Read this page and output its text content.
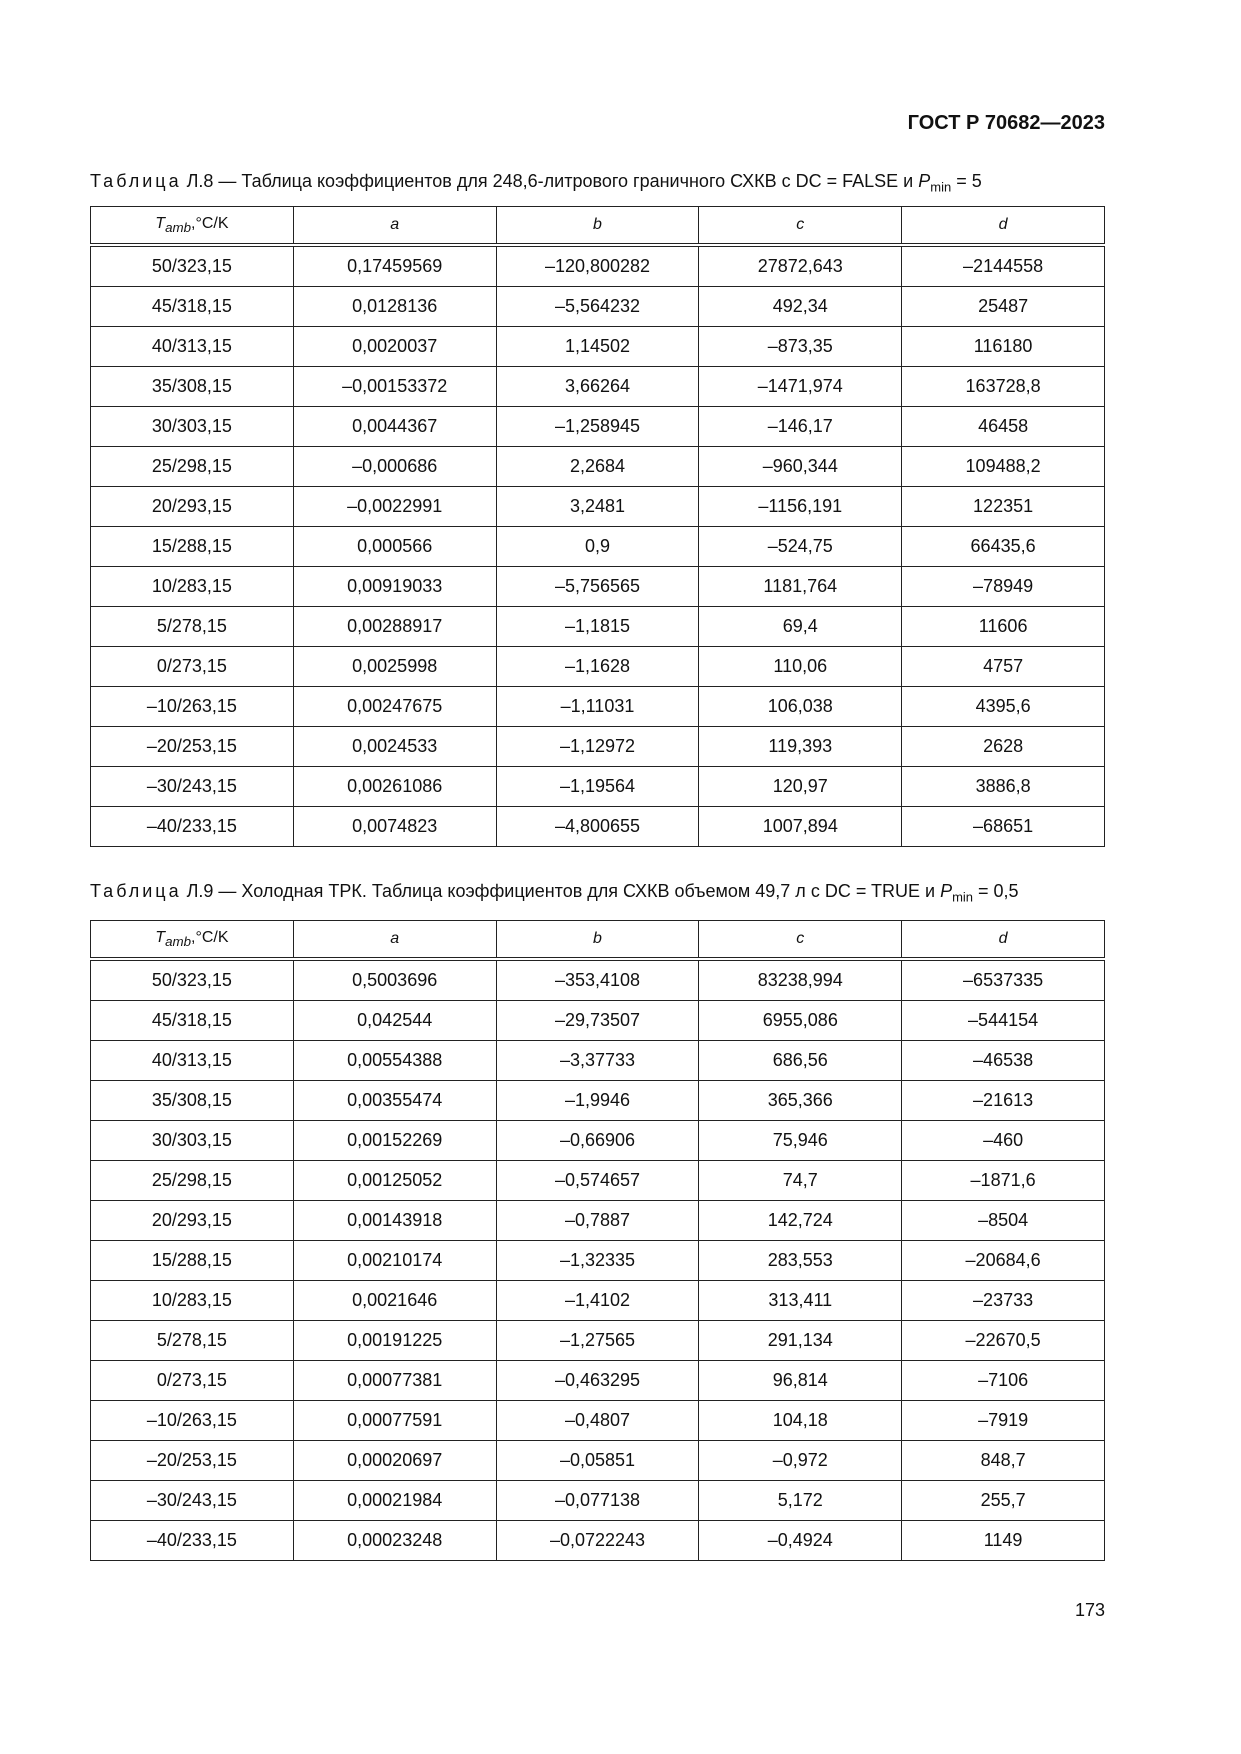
ГОСТ Р 70682—2023
Таблица Л.8 — Таблица коэффициентов для 248,6-литрового граничного СХКВ с DC = FALSE и $P_{min} = 5$
$T_{amb},^\circ C/K$	a	b	c	d
50/323,15	0,17459569	–120,800282	27872,643	–2144558
45/318,15	0,0128136	–5,564232	492,34	25487
40/313,15	0,0020037	1,14502	–873,35	116180
35/308,15	–0,00153372	3,66264	–1471,974	163728,8
30/303,15	0,0044367	–1,258945	–146,17	46458
25/298,15	–0,000686	2,2684	–960,344	109488,2
20/293,15	–0,0022991	3,2481	–1156,191	122351
15/288,15	0,000566	0,9	–524,75	66435,6
10/283,15	0,00919033	–5,756565	1181,764	–78949
5/278,15	0,00288917	–1,1815	69,4	11606
0/273,15	0,0025998	–1,1628	110,06	4757
–10/263,15	0,00247675	–1,11031	106,038	4395,6
–20/253,15	0,0024533	–1,12972	119,393	2628
–30/243,15	0,00261086	–1,19564	120,97	3886,8
–40/233,15	0,0074823	–4,800655	1007,894	–68651
Таблица Л.9 — Холодная ТРК. Таблица коэффициентов для СХКВ объемом 49,7 л с DC = TRUE и $P_{min} = 0,5$
$T_{amb},^\circ C/K$	a	b	c	d
50/323,15	0,5003696	–353,4108	83238,994	–6537335
45/318,15	0,042544	–29,73507	6955,086	–544154
40/313,15	0,00554388	–3,37733	686,56	–46538
35/308,15	0,00355474	–1,9946	365,366	–21613
30/303,15	0,00152269	–0,66906	75,946	–460
25/298,15	0,00125052	–0,574657	74,7	–1871,6
20/293,15	0,00143918	–0,7887	142,724	–8504
15/288,15	0,00210174	–1,32335	283,553	–20684,6
10/283,15	0,0021646	–1,4102	313,411	–23733
5/278,15	0,00191225	–1,27565	291,134	–22670,5
0/273,15	0,00077381	–0,463295	96,814	–7106
–10/263,15	0,00077591	–0,4807	104,18	–7919
–20/253,15	0,00020697	–0,05851	–0,972	848,7
–30/243,15	0,00021984	–0,077138	5,172	255,7
–40/233,15	0,00023248	–0,0722243	–0,4924	1149
173
